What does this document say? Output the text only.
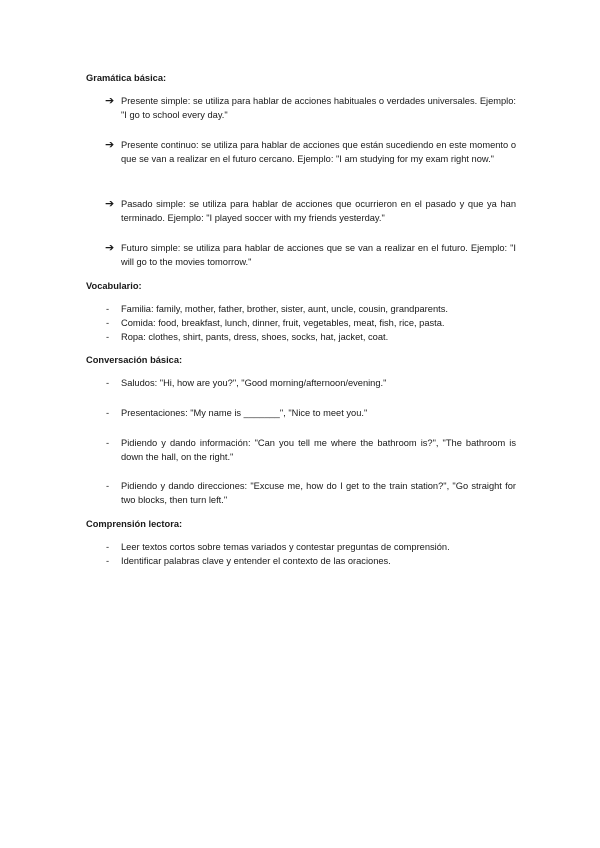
Gramática básica:
➔ Presente simple: se utiliza para hablar de acciones habituales o verdades universales. Ejemplo: "I go to school every day."
➔ Presente continuo: se utiliza para hablar de acciones que están sucediendo en este momento o que se van a realizar en el futuro cercano. Ejemplo: "I am studying for my exam right now."
➔ Pasado simple: se utiliza para hablar de acciones que ocurrieron en el pasado y que ya han terminado. Ejemplo: "I played soccer with my friends yesterday."
➔ Futuro simple: se utiliza para hablar de acciones que se van a realizar en el futuro. Ejemplo: "I will go to the movies tomorrow."
Vocabulario:
-	Familia: family, mother, father, brother, sister, aunt, uncle, cousin, grandparents.
-	Comida: food, breakfast, lunch, dinner, fruit, vegetables, meat, fish, rice, pasta.
-	Ropa: clothes, shirt, pants, dress, shoes, socks, hat, jacket, coat.
Conversación básica:
-	Saludos: "Hi, how are you?", "Good morning/afternoon/evening."
-	Presentaciones: "My name is _______", "Nice to meet you."
-	Pidiendo y dando información: "Can you tell me where the bathroom is?", "The bathroom is down the hall, on the right."
-	Pidiendo y dando direcciones: "Excuse me, how do I get to the train station?", "Go straight for two blocks, then turn left."
Comprensión lectora:
-	Leer textos cortos sobre temas variados y contestar preguntas de comprensión.
-	Identificar palabras clave y entender el contexto de las oraciones.
